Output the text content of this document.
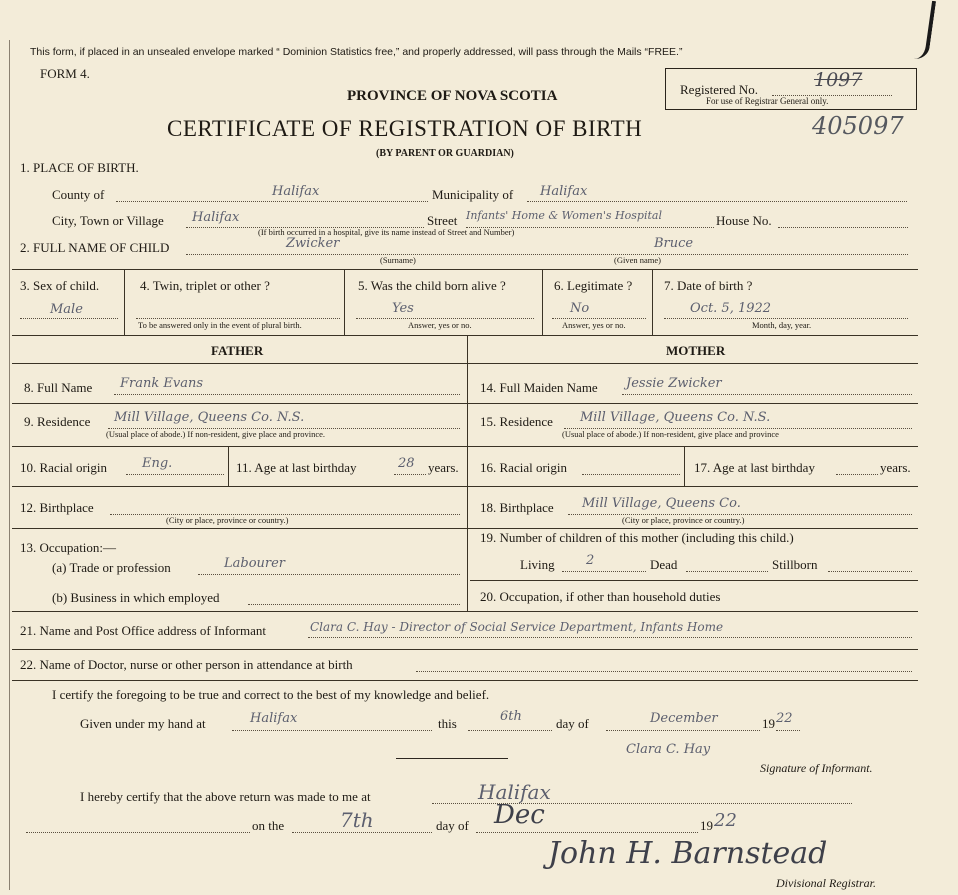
This form, if placed in an unsealed envelope marked “ Dominion Statistics free,” and properly addressed, will pass through the Mails “FREE.”
FORM 4.
PROVINCE OF NOVA SCOTIA	Registered No.	1097
For use of Registrar General only.
CERTIFICATE OF REGISTRATION OF BIRTH	405097
(BY PARENT OR GUARDIAN)
1. PLACE OF BIRTH.
County of	Halifax	Municipality of Halifax
City, Town or Village Halifax	Street Infants' Home & Women's Hospital	House No.
(If birth occurred in a hospital, give its name instead of Street and Number)
2. FULL NAME OF CHILD	Zwicker	Bruce
(Surname)	(Given name)
3. Sex of child.
Male
4. Twin, triplet or other ?
To be answered only in the event of plural birth.
5. Was the child born alive ?
Yes
Answer, yes or no.
6. Legitimate ?
No
Answer, yes or no.
7. Date of birth ?
Oct. 5, 1922
Month, day, year.
FATHER	MOTHER
8. Full Name Frank Evans	14. Full Maiden Name Jessie Zwicker
9. Residence Mill Village, Queens Co. N.S.
(Usual place of abode.) If non-resident, give place and province.
15. Residence Mill Village, Queens Co. N.S.
(Usual place of abode.) If non-resident, give place and province
10. Racial origin	Eng.	11. Age at last birthday	28 years. 16. Racial origin	17. Age at last birthday	years.
12. Birthplace
(City or place, province or country.)
18. Birthplace Mill Village, Queens Co.
(City or place, province or country.)
13. Occupation:—
(a) Trade or profession	Labourer
(b) Business in which employed
19. Number of children of this mother (including this child.)
Living 2	Dead	Stillborn
20. Occupation, if other than household duties
21. Name and Post Office address of Informant	Clara C. Hay - Director of Social Service Department, Infants Home
22. Name of Doctor, nurse or other person in attendance at birth
I certify the foregoing to be true and correct to the best of my knowledge and belief.
Given under my hand at	Halifax	this	6th	day of	December	19 22
Clara C. Hay
Signature of Informant.
I hereby certify that the above return was made to me at	Halifax
on the	7th	day of Dec	19 22
John H. Barnstead
Divisional Registrar.
